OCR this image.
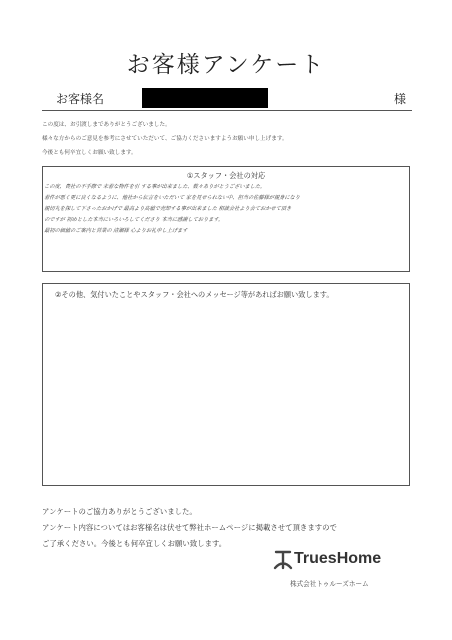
お客様アンケート
お客様名	様
この度は、お引渡しまでありがとうございました。
様々な方からのご意見を参考にさせていただいて、ご協力くださいますようお願い申し上げます。
今後とも何卒宜しくお願い致します。
①スタッフ・会社の対応
この度、貴社の不手際で 未着な物件を引 する事が出来ました、数々ありがとうございました。
着件が悪く更に良くなるように、他社から伝言をいただいて 家を見せられない中、担当の佐藤様が親身になり
親切丸を探して下さったおかげで 最高より高値で売却する事が出来ました 相談会社より会ておかせて頂き
のですが 初めとした本当にいろいろしてくださり 本当に感謝しております。
最初の価値のご案内と営業の 清瀬様 心よりお礼申し上げます
②その他、気付いたことやスタッフ・会社へのメッセージ等があればお願い致します。
アンケートのご協力ありがとうございました。
アンケート内容についてはお客様名は伏せて弊社ホームページに掲載させて頂きますので
ご了承ください。今後とも何卒宜しくお願い致します。
TruesHome
株式会社トゥルーズホーム
